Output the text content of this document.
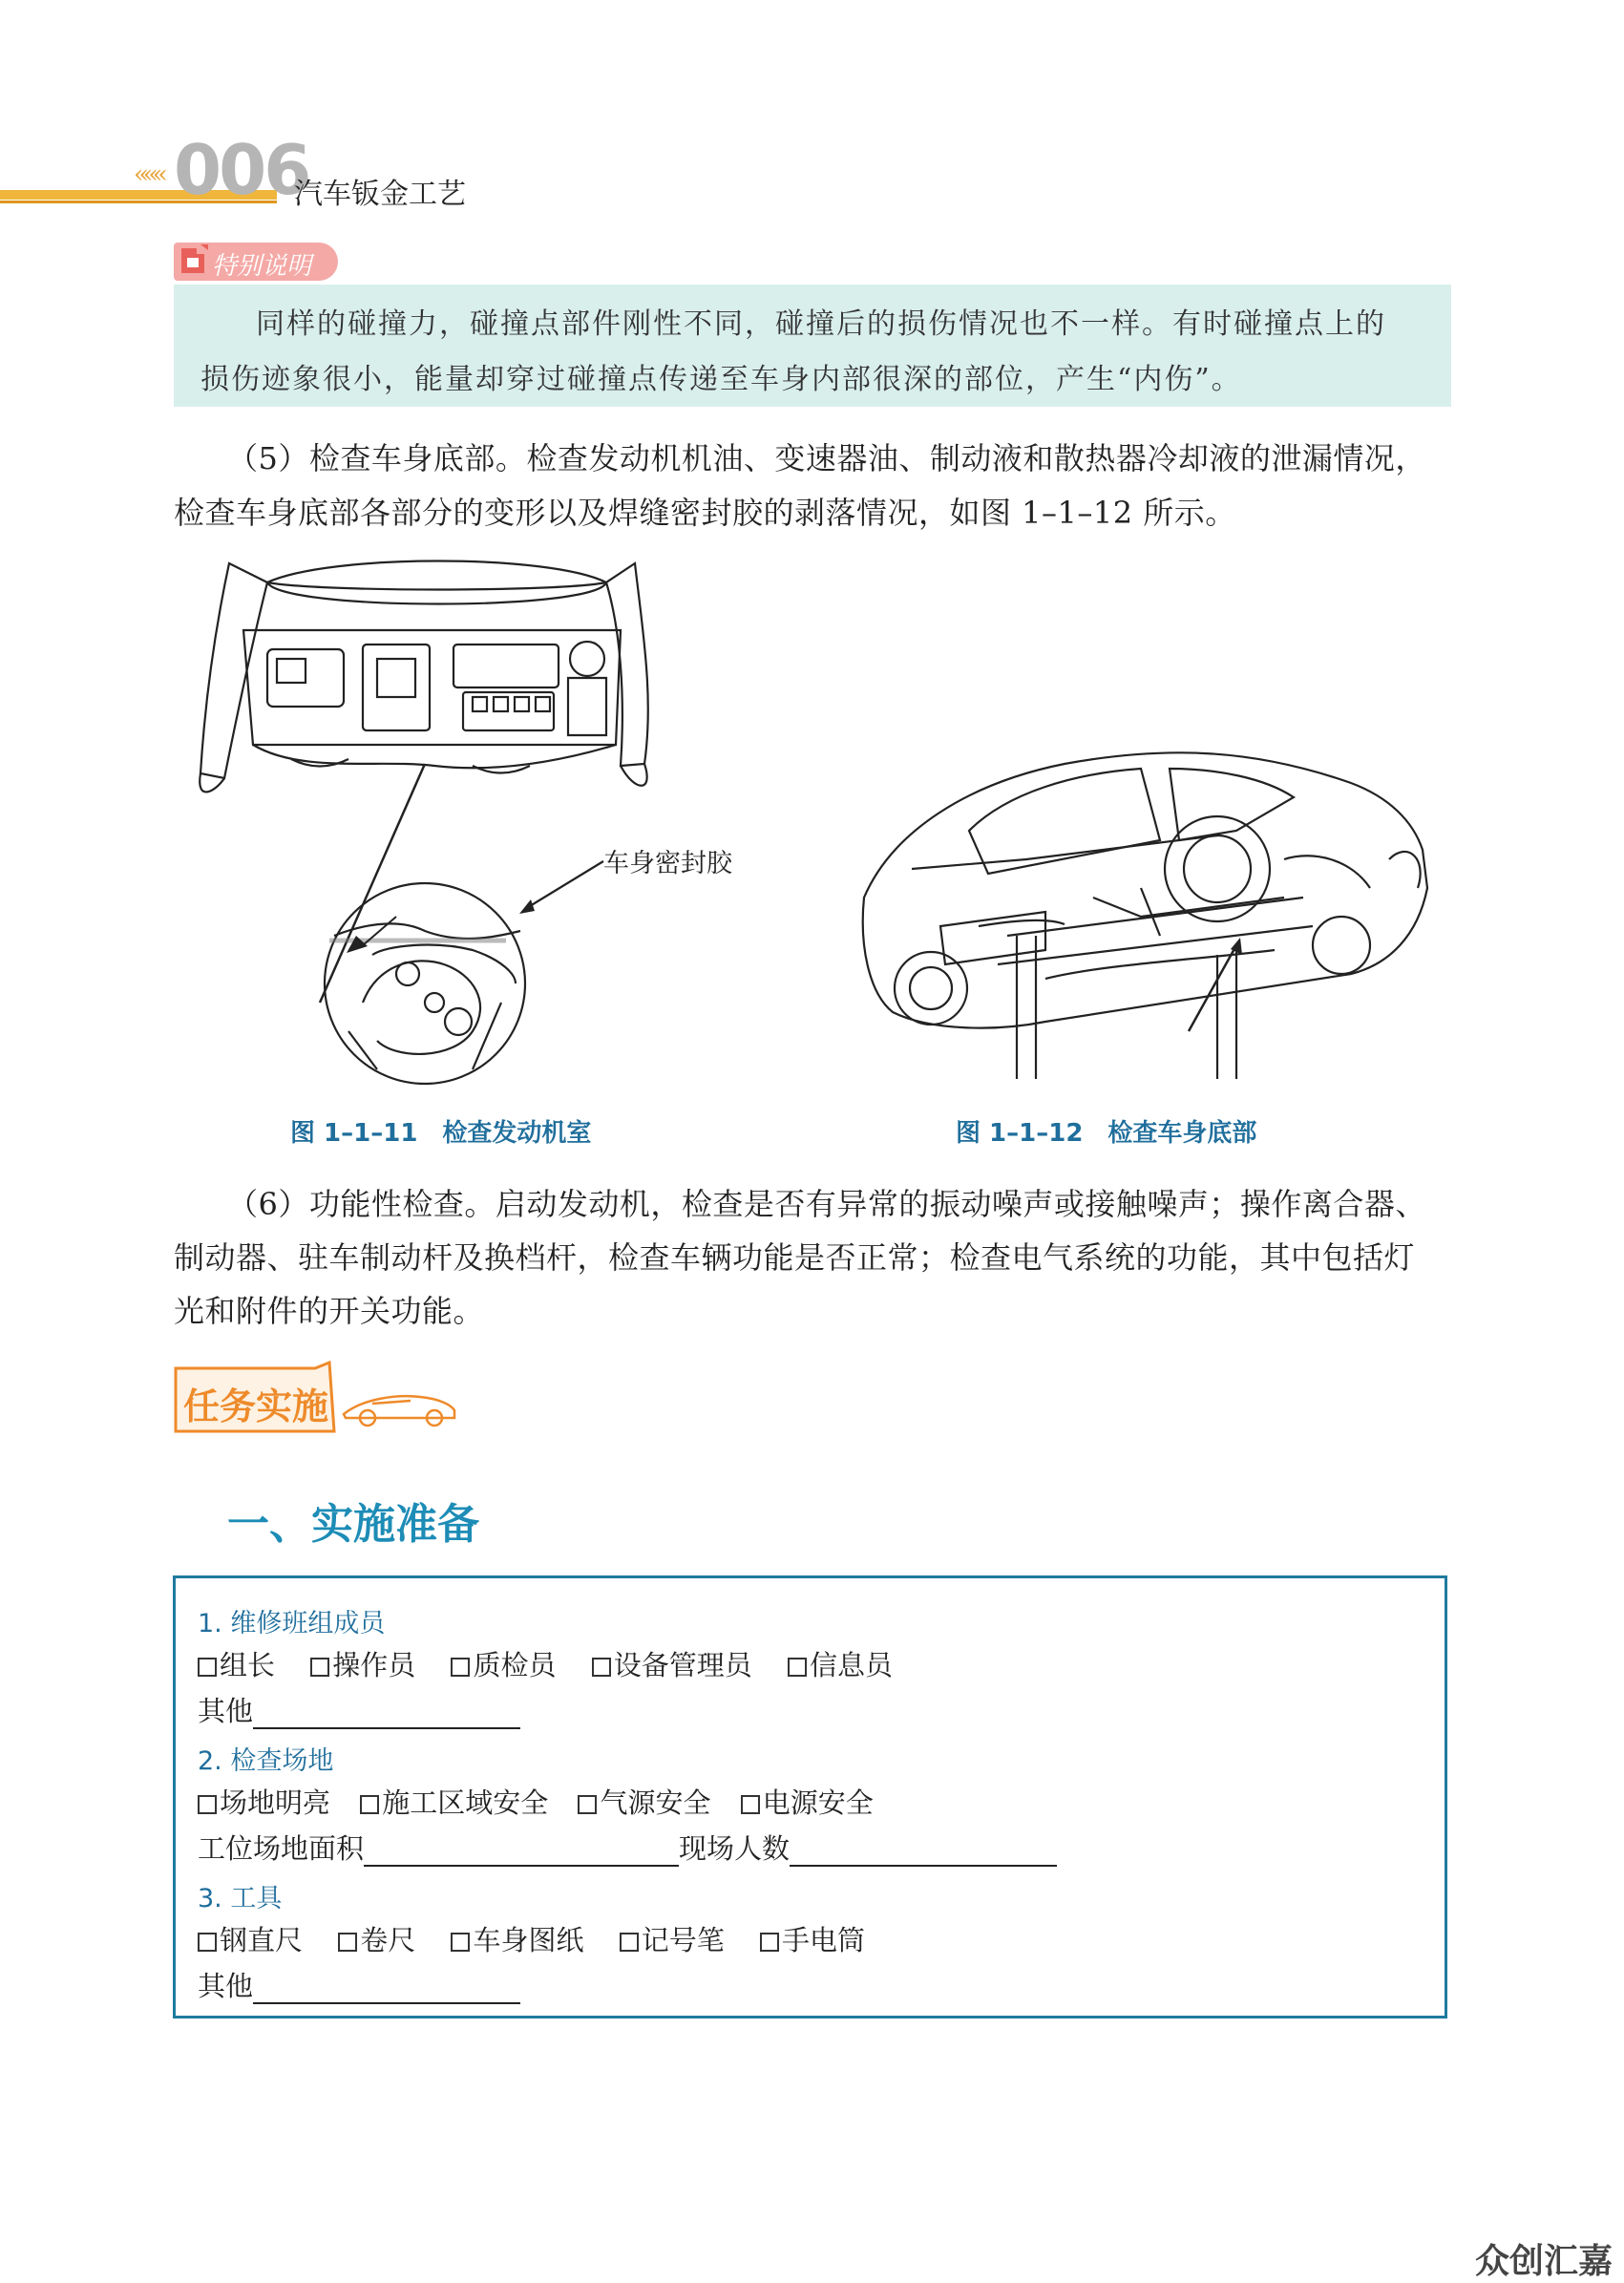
««« 006
汽车钣金工艺
特别说明
同样的碰撞力，碰撞点部件刚性不同，碰撞后的损伤情况也不一样。有时碰撞点上的
损伤迹象很小，能量却穿过碰撞点传递至车身内部很深的部位，产生“内伤”。
（5）检查车身底部。检查发动机机油、变速器油、制动液和散热器冷却液的泄漏情况，
检查车身底部各部分的变形以及焊缝密封胶的剥落情况，如图 1–1–12 所示。
车身密封胶
图 1–1–11　检查发动机室	图 1–1–12　检查车身底部
（6）功能性检查。启动发动机，检查是否有异常的振动噪声或接触噪声；操作离合器、
制动器、驻车制动杆及换档杆，检查车辆功能是否正常；检查电气系统的功能，其中包括灯
光和附件的开关功能。
任务实施
一、实施准备
1. 维修班组成员
组长 操作员 质检员 设备管理员 信息员
其他
2. 检查场地
场地明亮 施工区域安全 气源安全 电源安全
工位场地面积	现场人数
3. 工具
钢直尺 卷尺 车身图纸 记号笔 手电筒
其他
众创汇嘉
